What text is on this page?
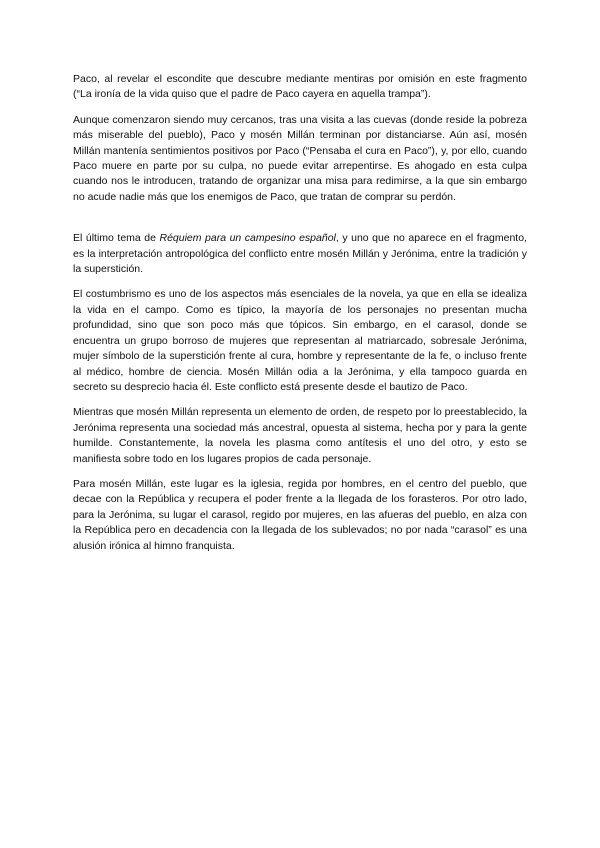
Paco, al revelar el escondite que descubre mediante mentiras por omisión en este fragmento (“La ironía de la vida quiso que el padre de Paco cayera en aquella trampa”).

Aunque comenzaron siendo muy cercanos, tras una visita a las cuevas (donde reside la pobreza más miserable del pueblo), Paco y mosén Millán terminan por distanciarse. Aún así, mosén Millán mantenía sentimientos positivos por Paco (“Pensaba el cura en Paco”), y, por ello, cuando Paco muere en parte por su culpa, no puede evitar arrepentirse. Es ahogado en esta culpa cuando nos le introducen, tratando de organizar una misa para redimirse, a la que sin embargo no acude nadie más que los enemigos de Paco, que tratan de comprar su perdón.

El último tema de Réquiem para un campesino español, y uno que no aparece en el fragmento, es la interpretación antropológica del conflicto entre mosén Millán y Jerónima, entre la tradición y la superstición.

El costumbrismo es uno de los aspectos más esenciales de la novela, ya que en ella se idealiza la vida en el campo. Como es típico, la mayoría de los personajes no presentan mucha profundidad, sino que son poco más que tópicos. Sin embargo, en el carasol, donde se encuentra un grupo borroso de mujeres que representan al matriarcado, sobresale Jerónima, mujer símbolo de la superstición frente al cura, hombre y representante de la fe, o incluso frente al médico, hombre de ciencia. Mosén Millán odia a la Jerónima, y ella tampoco guarda en secreto su desprecio hacia él. Este conflicto está presente desde el bautizo de Paco.

Mientras que mosén Millán representa un elemento de orden, de respeto por lo preestablecido, la Jerónima representa una sociedad más ancestral, opuesta al sistema, hecha por y para la gente humilde. Constantemente, la novela les plasma como antítesis el uno del otro, y esto se manifiesta sobre todo en los lugares propios de cada personaje.

Para mosén Millán, este lugar es la iglesia, regida por hombres, en el centro del pueblo, que decae con la República y recupera el poder frente a la llegada de los forasteros. Por otro lado, para la Jerónima, su lugar el carasol, regido por mujeres, en las afueras del pueblo, en alza con la República pero en decadencia con la llegada de los sublevados; no por nada “carasol” es una alusión irónica al himno franquista.
